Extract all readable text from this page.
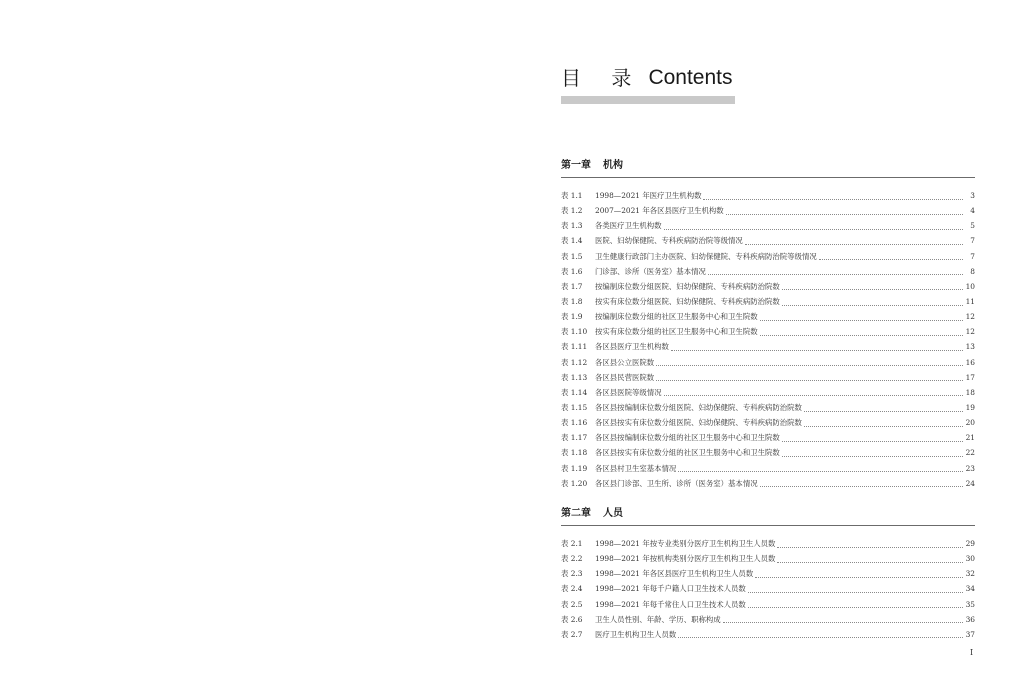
目 录 Contents
第一章 机构
表 1.1	1998—2021 年医疗卫生机构数	3
表 1.2	2007—2021 年各区县医疗卫生机构数	4
表 1.3	各类医疗卫生机构数	5
表 1.4	医院、妇幼保健院、专科疾病防治院等级情况	7
表 1.5	卫生健康行政部门主办医院、妇幼保健院、专科疾病防治院等级情况	7
表 1.6	门诊部、诊所（医务室）基本情况	8
表 1.7	按编制床位数分組医院、妇幼保健院、专科疾病防治院数	10
表 1.8	按实有床位数分組医院、妇幼保健院、专科疾病防治院数	11
表 1.9	按编制床位数分組的社区卫生服务中心和卫生院数	12
表 1.10	按实有床位数分組的社区卫生服务中心和卫生院数	12
表 1.11	各区县医疗卫生机构数	13
表 1.12	各区县公立医院数	16
表 1.13	各区县民营医院数	17
表 1.14	各区县医院等级情况	18
表 1.15	各区县按编制床位数分組医院、妇幼保健院、专科疾病防治院数	19
表 1.16	各区县按实有床位数分組医院、妇幼保健院、专科疾病防治院数	20
表 1.17	各区县按编制床位数分組的社区卫生服务中心和卫生院数	21
表 1.18	各区县按实有床位数分組的社区卫生服务中心和卫生院数	22
表 1.19	各区县村卫生室基本情况	23
表 1.20	各区县门诊部、卫生所、诊所（医务室）基本情况	24
第二章 人员
表 2.1	1998—2021 年按专业类别分医疗卫生机构卫生人员数	29
表 2.2	1998—2021 年按机构类别分医疗卫生机构卫生人员数	30
表 2.3	1998—2021 年各区县医疗卫生机构卫生人员数	32
表 2.4	1998—2021 年每千户籍人口卫生技术人员数	34
表 2.5	1998—2021 年每千常住人口卫生技术人员数	35
表 2.6	卫生人员性别、年龄、学历、职称构成	36
表 2.7	医疗卫生机构卫生人员数	37
I
